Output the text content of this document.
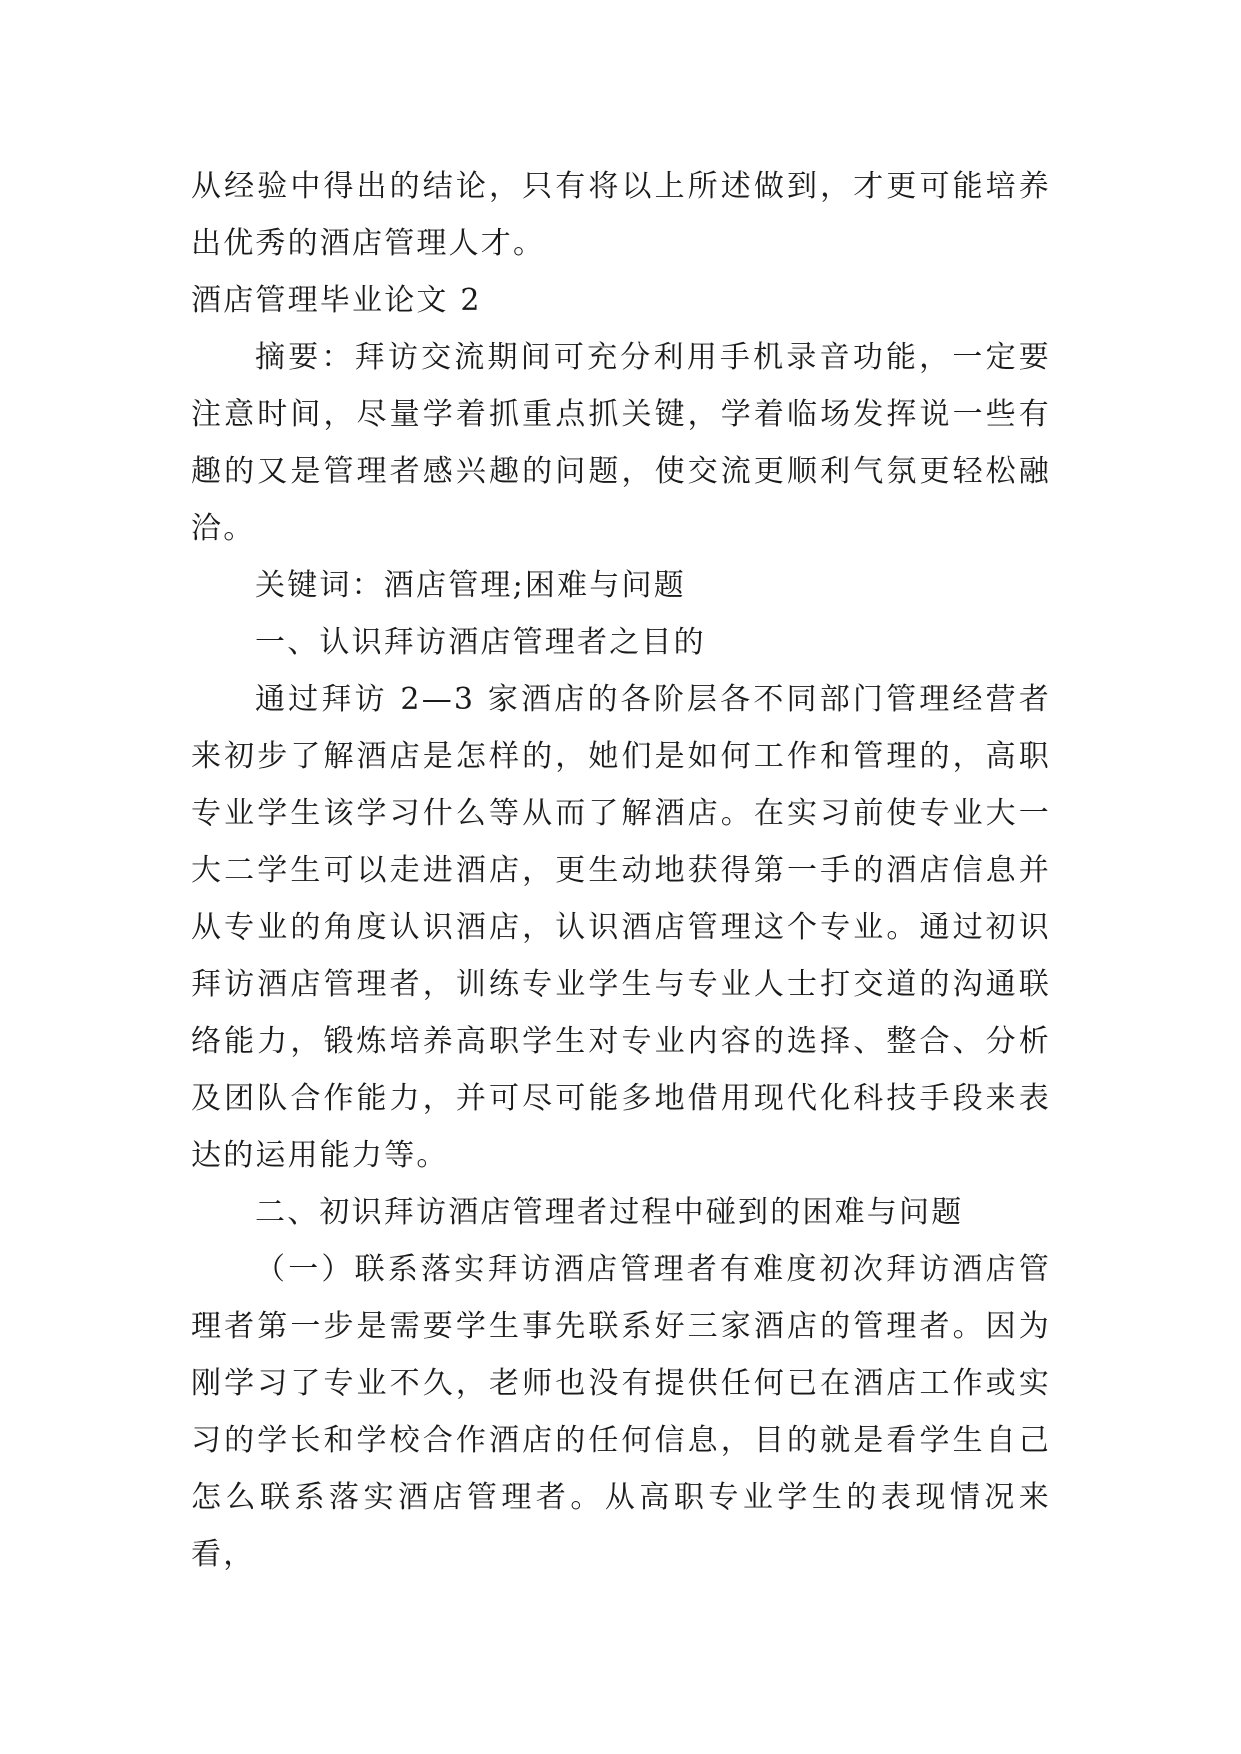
从经验中得出的结论，只有将以上所述做到，才更可能培养出优秀的酒店管理人才。

酒店管理毕业论文 2

摘要：拜访交流期间可充分利用手机录音功能，一定要注意时间，尽量学着抓重点抓关键，学着临场发挥说一些有趣的又是管理者感兴趣的问题，使交流更顺利气氛更轻松融洽。

关键词：酒店管理;困难与问题

一、认识拜访酒店管理者之目的

通过拜访 2—3 家酒店的各阶层各不同部门管理经营者来初步了解酒店是怎样的，她们是如何工作和管理的，高职专业学生该学习什么等从而了解酒店。在实习前使专业大一大二学生可以走进酒店，更生动地获得第一手的酒店信息并从专业的角度认识酒店，认识酒店管理这个专业。通过初识拜访酒店管理者，训练专业学生与专业人士打交道的沟通联络能力，锻炼培养高职学生对专业内容的选择、整合、分析及团队合作能力，并可尽可能多地借用现代化科技手段来表达的运用能力等。

二、初识拜访酒店管理者过程中碰到的困难与问题

（一）联系落实拜访酒店管理者有难度初次拜访酒店管理者第一步是需要学生事先联系好三家酒店的管理者。因为刚学习了专业不久，老师也没有提供任何已在酒店工作或实习的学长和学校合作酒店的任何信息，目的就是看学生自己怎么联系落实酒店管理者。从高职专业学生的表现情况来看，
